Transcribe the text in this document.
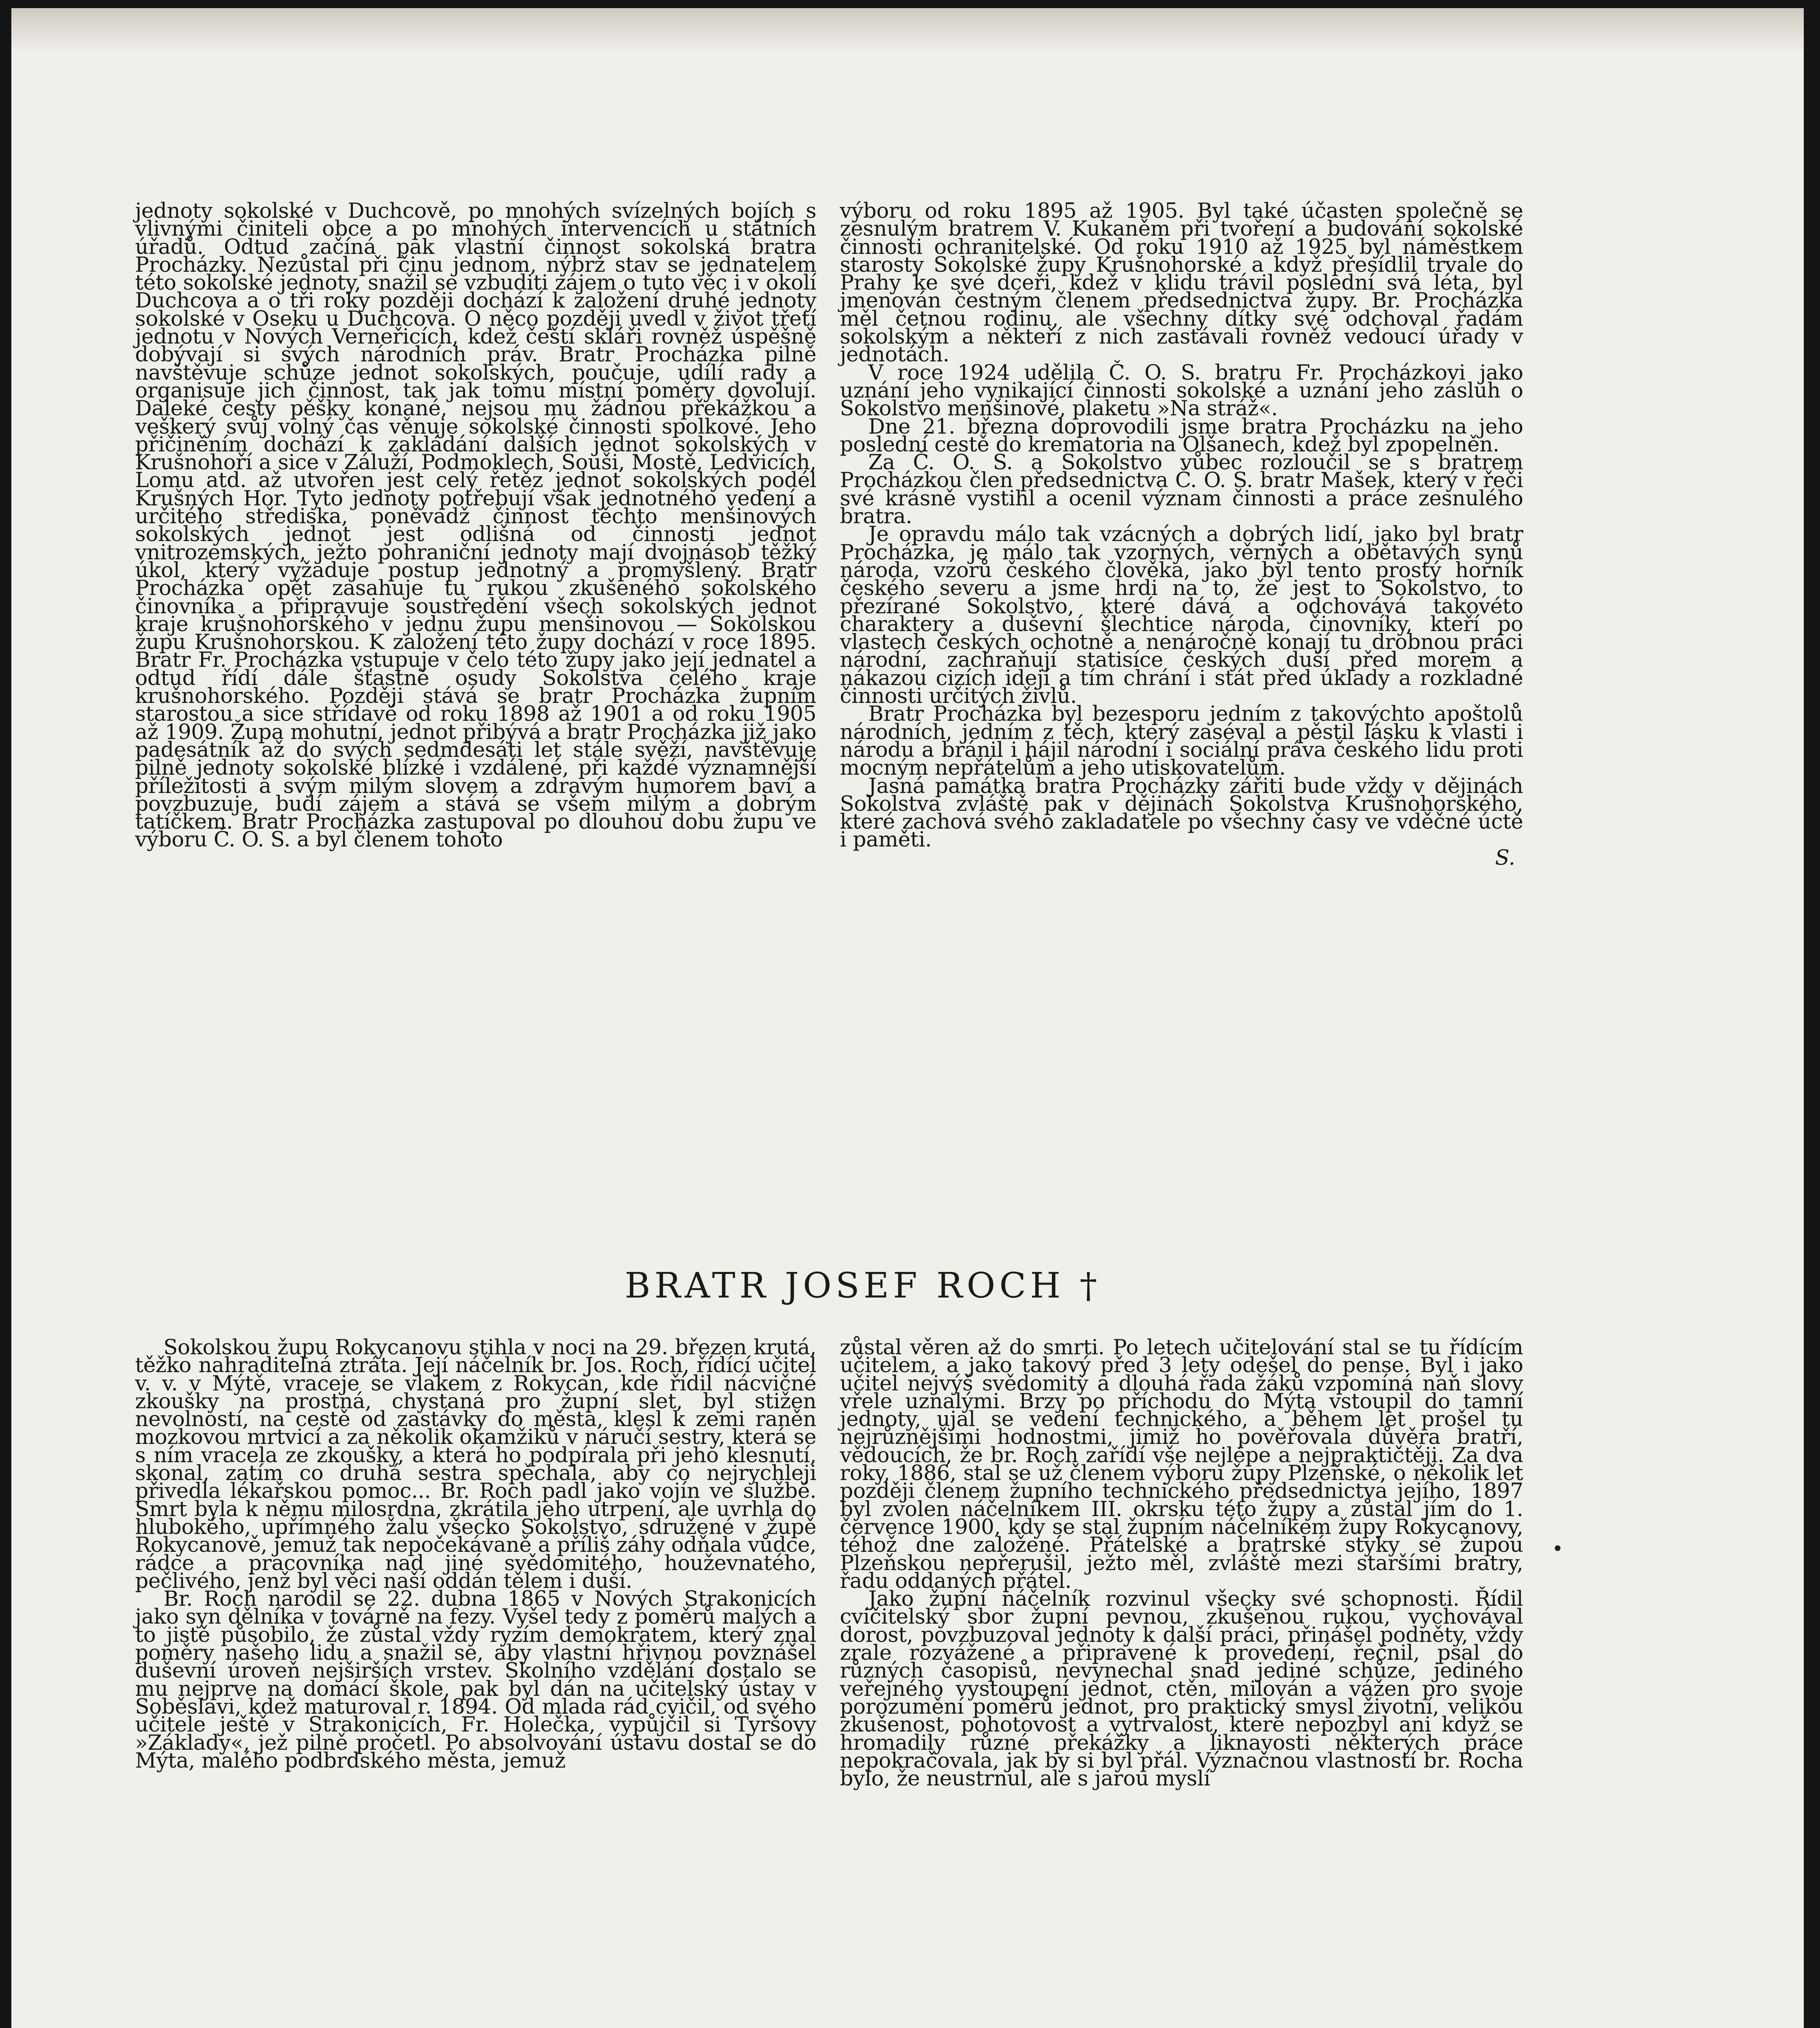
jednoty sokolské v Duchcově, po mnohých svízelných bojích s vlivnými činiteli obce a po mnohých intervencích u státních úřadů. Odtud začíná pak vlastní činnost sokolská bratra Procházky. Nezůstal při činu jednom, nýbrž stav se jednatelem této sokolské jednoty, snažil se vzbuditi zájem o tuto věc i v okolí Duchcova a o tři roky později dochází k založení druhé jednoty sokolské v Oseku u Duchcova. O něco později uvedl v život třetí jednotu v Nových Verneřicích, kdež čeští skláři rovněž úspěšně dobývají si svých národních práv. Bratr Procházka pilně navštěvuje schůze jednot sokolských, poučuje, udílí rady a organisuje jich činnost, tak jak tomu místní poměry dovolují. Daleké cesty pěšky konané, nejsou mu žádnou překážkou a veškerý svůj volný čas věnuje sokolské činnosti spolkové. Jeho přičiněním dochází k zakládání dalších jednot sokolských v Krušnohoří a sice v Záluží, Podmoklech, Souši, Mostě, Ledvicích, Lomu atd. až utvořen jest celý řetěz jednot sokolských podél Krušných Hor. Tyto jednoty potřebují však jednotného vedení a určitého střediska, poněvadž činnost těchto menšinových sokolských jednot jest odlišná od činnosti jednot vnitrozemských, ježto pohraniční jednoty mají dvojnásob těžký úkol, který vyžaduje postup jednotný a promyšlený. Bratr Procházka opět zasahuje tu rukou zkušeného sokolského činovníka a připravuje soustředění všech sokolských jednot kraje krušnohorského v jednu župu menšinovou — Sokolskou župu Krušnohorskou. K založení této župy dochází v roce 1895. Bratr Fr. Procházka vstupuje v čelo této župy jako její jednatel a odtud řídí dále šťastně osudy Sokolstva celého kraje krušnohorského. Později stává se bratr Procházka župním starostou a sice střídavě od roku 1898 až 1901 a od roku 1905 až 1909. Župa mohutní, jednot přibývá a bratr Procházka již jako padesátník až do svých sedmdesáti let stále svěží, navštěvuje pilně jednoty sokolské blízké i vzdálené, při každé významnější příležitosti a svým milým slovem a zdravým humorem baví a povzbuzuje, budí zájem a stává se všem milým a dobrým tatíčkem. Bratr Procházka zastupoval po dlouhou dobu župu ve výboru Č. O. S. a byl členem tohoto

výboru od roku 1895 až 1905. Byl také účasten společně se zesnulým bratrem V. Kukaněm při tvoření a budování sokolské činnosti ochranitelské. Od roku 1910 až 1925 byl náměstkem starosty Sokolské župy Krušnohorské a když přesídlil trvale do Prahy ke své dceři, kdež v klidu trávil poslední svá léta, byl jmenován čestným členem předsednictva župy. Br. Procházka měl četnou rodinu, ale všechny dítky své odchoval řadám sokolským a někteří z nich zastávali rovněž vedoucí úřady v jednotách.

V roce 1924 udělila Č. O. S. bratru Fr. Procházkovi jako uznání jeho vynikající činnosti sokolské a uznání jeho zásluh o Sokolstvo menšinové, plaketu »Na stráž«.

Dne 21. března doprovodili jsme bratra Procházku na jeho poslední cestě do krematoria na Olšanech, kdež byl zpopelněn.

Za Č. O. S. a Sokolstvo vůbec rozloučil se s bratrem Procházkou člen předsednictva Č. O. S. bratr Mašek, který v řeči své krásně vystihl a ocenil význam činnosti a práce zesnulého bratra.

Je opravdu málo tak vzácných a dobrých lidí, jako byl bratr Procházka, je málo tak vzorných, věrných a obětavých synů národa, vzorů českého člověka, jako byl tento prostý horník českého severu a jsme hrdi na to, že jest to Sokolstvo, to přezírané Sokolstvo, které dává a odchovává takovéto charaktery a duševní šlechtice národa, činovníky, kteří po vlastech českých ochotně a nenáročně konají tu drobnou práci národní, zachraňují statisíce českých duší před morem a nákazou cizích idejí a tím chrání i stát před úklady a rozkladné činnosti určitých živlů.

Bratr Procházka byl bezesporu jedním z takovýchto apoštolů národních, jedním z těch, který zaséval a pěstil lásku k vlasti i národu a bránil i hájil národní i sociální práva českého lidu proti mocným nepřátelům a jeho utiskovatelům.

Jasná památka bratra Procházky zářiti bude vždy v dějinách Sokolstva zvláště pak v dějinách Sokolstva Krušnohorského, které zachová svého zakladatele po všechny časy ve vděčné úctě i paměti.

S.

BRATR JOSEF ROCH †

Sokolskou župu Rokycanovu stihla v noci na 29. březen krutá, těžko nahraditelná ztráta. Její náčelník br. Jos. Roch, řídící učitel v. v. v Mýtě, vraceje se vlakem z Rokycan, kde řídil nácvičné zkoušky na prostná, chystaná pro župní slet, byl stižen nevolností, na cestě od zastávky do města, klesl k zemi raněn mozkovou mrtvicí a za několik okamžiků v náručí sestry, která se s ním vracela ze zkoušky, a která ho podpírala při jeho klesnutí, skonal, zatím co druhá sestra spěchala, aby co nejrychleji přivedla lékařskou pomoc... Br. Roch padl jako vojín ve službě. Smrt byla k němu milosrdna, zkrátila jeho utrpení, ale uvrhla do hlubokého, upřímného žalu všecko Sokolstvo, sdružené v župě Rokycanově, jemuž tak nepočekávaně a příliš záhy odňala vůdce, rádce a pracovníka nad jiné svědomitého, houževnatého, pečlivého, jenž byl věci naší oddán tělem i duší.

Br. Roch narodil se 22. dubna 1865 v Nových Strakonicích jako syn dělníka v továrně na fezy. Vyšel tedy z poměrů malých a to jistě působilo, že zůstal vždy ryzím demokratem, který znal poměry našeho lidu a snažil se, aby vlastní hřivnou povznášel duševní úroveň nejširších vrstev. Školního vzdělání dostalo se mu nejprve na domácí škole, pak byl dán na učitelský ústav v Soběslavi, kdež maturoval r. 1894. Od mlada rád cvičil, od svého učitele ještě v Strakonicích, Fr. Holečka, vypůjčil si Tyršovy »Základy«, jež pilně pročetl. Po absolvování ústavu dostal se do Mýta, malého podbrdského města, jemuž

zůstal věren až do smrti. Po letech učitelování stal se tu řídícím učitelem, a jako takový před 3 lety odešel do pense. Byl i jako učitel nejvýš svědomitý a dlouhá řada žáků vzpomíná naň slovy vřele uznalými. Brzy po příchodu do Mýta vstoupil do tamní jednoty, ujal se vedení technického, a během let prošel tu nejrůznějšími hodnostmi, jimiž ho pověřovala důvěra bratří, vědoucích, že br. Roch zařídí vše nejlépe a nejpraktičtěji. Za dva roky, 1886, stal se už členem výboru župy Plzeňské, o několik let později členem župního technického předsednictva jejího, 1897 byl zvolen náčelníkem III. okrsku této župy a zůstal jím do 1. července 1900, kdy se stal župním náčelníkem župy Rokycanovy, téhož dne založené. Přátelské a bratrské styky se župou Plzeňskou nepřerušil, ježto měl, zvláště mezi staršími bratry, řadu oddaných přátel.

Jako župní náčelník rozvinul všecky své schopnosti. Řídil cvičitelský sbor župní pevnou, zkušenou rukou, vychovával dorost, povzbuzoval jednoty k další práci, přinášel podněty, vždy zrale rozvážené a připravené k provedení, řečnil, psal do různých časopisů, nevynechal snad jediné schůze, jediného veřejného vystoupení jednot, ctěn, milován a vážen pro svoje porozumění poměrů jednot, pro praktický smysl životní, velikou zkušenost, pohotovost a vytrvalost, které nepozbyl ani když se hromadily různé překážky a liknavosti některých práce nepokračovala, jak by si byl přál. Význačnou vlastností br. Rocha bylo, že neustrnul, ale s jarou myslí
